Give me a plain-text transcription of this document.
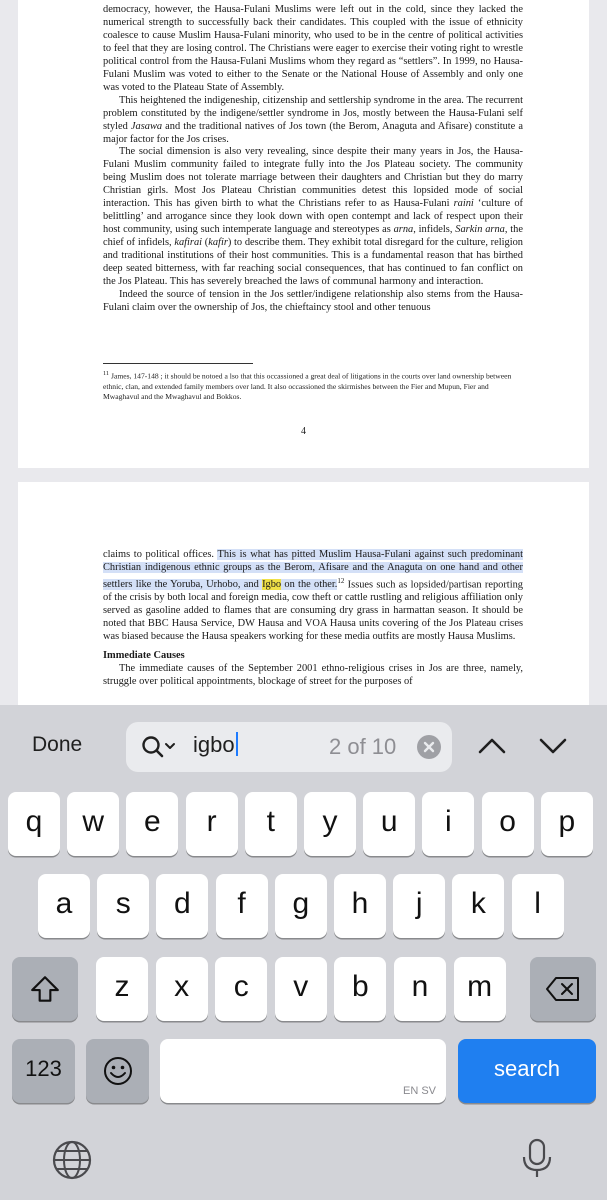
democracy, however, the Hausa-Fulani Muslims were left out in the cold, since they lacked the numerical strength to successfully back their candidates. This coupled with the issue of ethnicity coalesce to cause Muslim Hausa-Fulani minority, who used to be in the centre of political activities to feel that they are losing control. The Christians were eager to exercise their voting right to wrestle political control from the Hausa-Fulani Muslims whom they regard as “settlers”. In 1999, no Hausa-Fulani Muslim was voted to either to the Senate or the National House of Assembly and only one was voted to the Plateau State of Assembly.

This heightened the indigeneship, citizenship and settlership syndrome in the area. The recurrent problem constituted by the indigene/settler syndrome in Jos, mostly between the Hausa-Fulani self styled Jasawa and the traditional natives of Jos town (the Berom, Anaguta and Afisare) constitute a major factor for the Jos crises.

The social dimension is also very revealing, since despite their many years in Jos, the Hausa-Fulani Muslim community failed to integrate fully into the Jos Plateau society. The community being Muslim does not tolerate marriage between their daughters and Christian but they do marry Christian girls. Most Jos Plateau Christian communities detest this lopsided mode of social interaction. This has given birth to what the Christians refer to as Hausa-Fulani raini ‘culture of belittling’ and arrogance since they look down with open contempt and lack of respect upon their host community, using such intemperate language and stereotypes as arna, infidels, Sarkin arna, the chief of infidels, kafirai (kafir) to describe them. They exhibit total disregard for the culture, religion and traditional institutions of their host communities. This is a fundamental reason that has birthed deep seated bitterness, with far reaching social consequences, that has continued to fan conflict on the Jos Plateau. This has severely breached the laws of communal harmony and interaction.

Indeed the source of tension in the Jos settler/indigene relationship also stems from the Hausa-Fulani claim over the ownership of Jos, the chieftaincy stool and other tenuous

$^{11}$ James, 147-148 ; it should be notoed a lso that this occassioned a great deal of litigations in the courts over land ownership between ethnic, clan, and extended family members over land. It also occassioned the skirmishes between the Fier and Mupun, Fier and Mwaghavul and the Mwaghavul and Bokkos.
4

claims to political offices. This is what has pitted Muslim Hausa-Fulani against such predominant Christian indigenous ethnic groups as the Berom, Afisare and the Anaguta on one hand and other settlers like the Yoruba, Urhobo, and Igbo on the other.$^{12}$ Issues such as lopsided/partisan reporting of the crisis by both local and foreign media, cow theft or cattle rustling and religious affiliation only served as gasoline added to flames that are consuming dry grass in harmattan season. It should be noted that BBC Hausa Service, DW Hausa and VOA Hausa units covering of the Jos Plateau crises was biased because the Hausa speakers working for these media outfits are mostly Hausa Muslims.

Immediate Causes

The immediate causes of the September 2001 ethno-religious crises in Jos are three, namely, struggle over political appointments, blockage of street for the purposes of

Done	igbo	2 of 10
q	w	e	r	t	y	u	i	o	p
a	s	d	f	g	h	j	k	l
z	x	c	v	b	n	m
123
EN SV
search
